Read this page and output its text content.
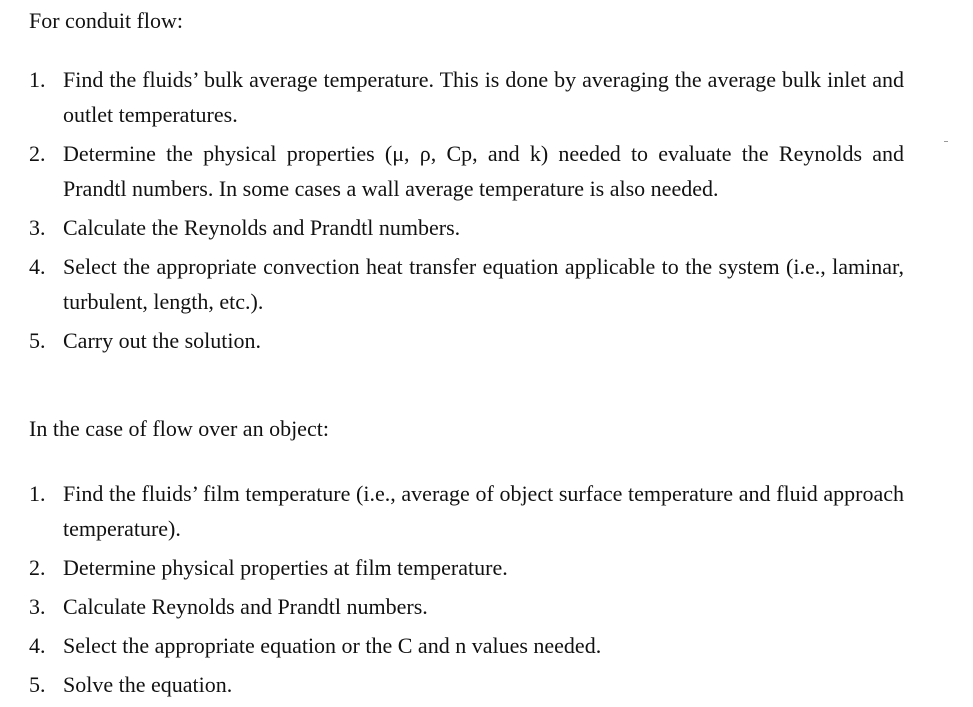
For conduit flow:
1. Find the fluids’ bulk average temperature. This is done by averaging the average bulk inlet and outlet temperatures.
2. Determine the physical properties (μ, ρ, Cp, and k) needed to evaluate the Reynolds and Prandtl numbers. In some cases a wall average temperature is also needed.
3. Calculate the Reynolds and Prandtl numbers.
4. Select the appropriate convection heat transfer equation applicable to the system (i.e., laminar, turbulent, length, etc.).
5. Carry out the solution.
In the case of flow over an object:
1. Find the fluids’ film temperature (i.e., average of object surface temperature and fluid approach temperature).
2. Determine physical properties at film temperature.
3. Calculate Reynolds and Prandtl numbers.
4. Select the appropriate equation or the C and n values needed.
5. Solve the equation.
